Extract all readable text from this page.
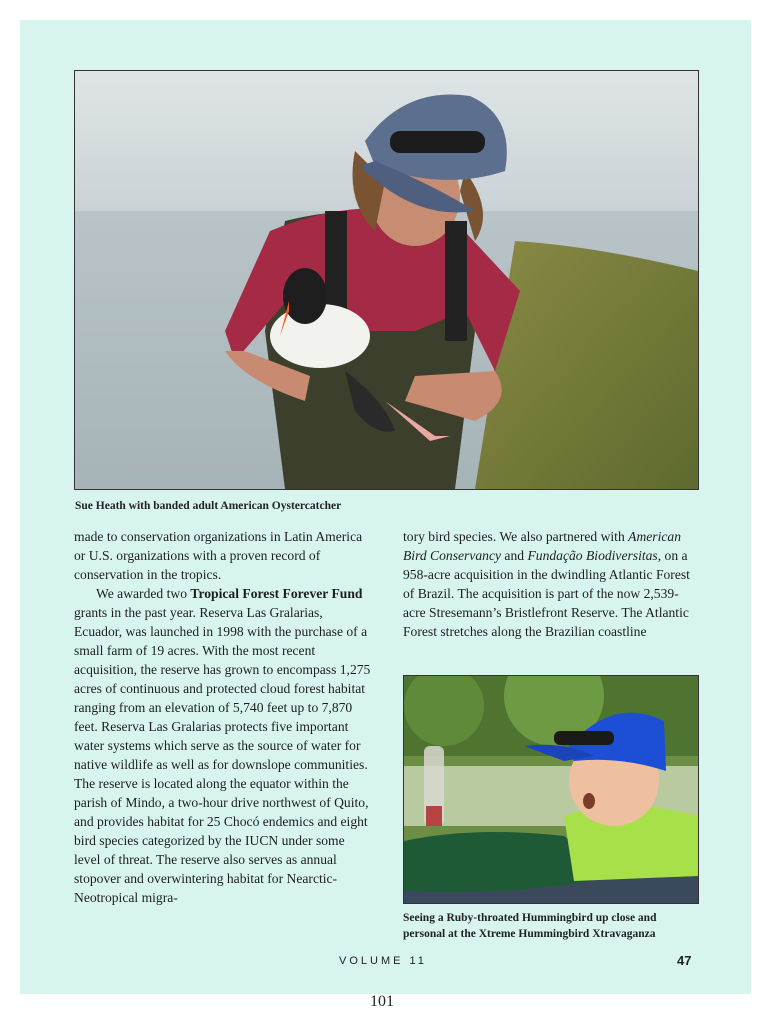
Sue Heath with banded adult American Oystercatcher

made to conservation organizations in Latin America or U.S. organizations with a proven record of conservation in the tropics.

We awarded two Tropical Forest Forever Fund grants in the past year. Reserva Las Gralarias, Ecuador, was launched in 1998 with the purchase of a small farm of 19 acres. With the most recent acquisition, the reserve has grown to encompass 1,275 acres of continuous and protected cloud forest habitat ranging from an elevation of 5,740 feet up to 7,870 feet. Reserva Las Gralarias protects five important water systems which serve as the source of water for native wildlife as well as for downslope communities. The reserve is located along the equator within the parish of Mindo, a two-hour drive northwest of Quito, and provides habitat for 25 Chocó endemics and eight bird species categorized by the IUCN under some level of threat. The reserve also serves as annual stopover and overwintering habitat for Nearctic-Neotropical migra-

tory bird species. We also partnered with American Bird Conservancy and Fundação Biodiversitas, on a 958-acre acquisition in the dwindling Atlantic Forest of Brazil. The acquisition is part of the now 2,539-acre Stresemann’s Bristlefront Reserve. The Atlantic Forest stretches along the Brazilian coastline

Seeing a Ruby-throated Hummingbird up close and
personal at the Xtreme Hummingbird Xtravaganza
VOLUME 11	47
101
